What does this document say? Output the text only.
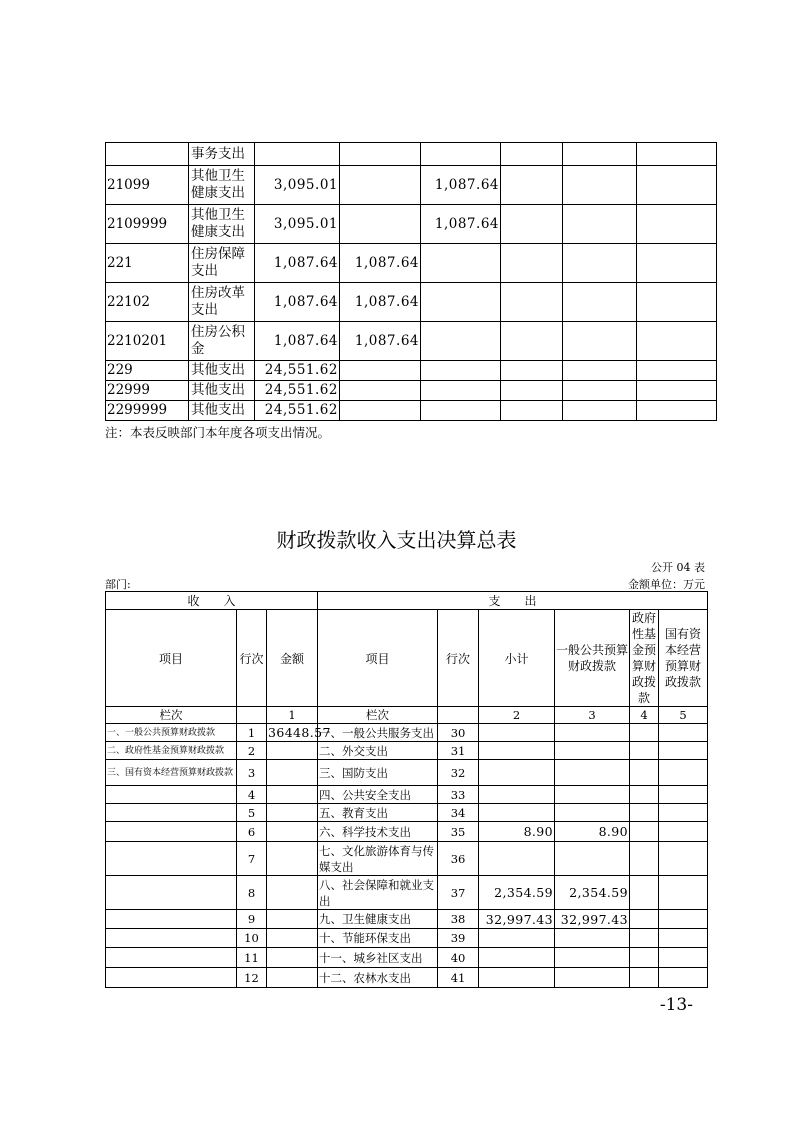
	事务支出						
21099	其他卫生健康支出	3,095.01		1,087.64			
2109999	其他卫生健康支出	3,095.01		1,087.64			
221	住房保障支出	1,087.64	1,087.64				
22102	住房改革支出	1,087.64	1,087.64				
2210201	住房公积金	1,087.64	1,087.64				
229	其他支出	24,551.62					
22999	其他支出	24,551.62					
2299999	其他支出	24,551.62					
注：本表反映部门本年度各项支出情况。
财政拨款收入支出决算总表
公开 04 表
部门:	金额单位：万元
收　　入			支　　出					
项目	行次	金额	项目	行次	小计	一般公共预算财政拨款	政府性基金预算财政拨款	国有资本经营预算财政拨款
栏次		1	栏次		2	3	4	5
一、一般公共预算财政拨款	1	36448.57	一、一般公共服务支出	30				
二、政府性基金预算财政拨款	2		二、外交支出	31				
三、国有资本经营预算财政拨款	3		三、国防支出	32				
	4		四、公共安全支出	33				
	5		五、教育支出	34				
	6		六、科学技术支出	35	8.90	8.90		
	7		七、文化旅游体育与传媒支出	36				
	8		八、社会保障和就业支出	37	2,354.59	2,354.59		
	9		九、卫生健康支出	38	32,997.43	32,997.43		
	10		十、节能环保支出	39				
	11		十一、城乡社区支出	40				
	12		十二、农林水支出	41				
-13-
